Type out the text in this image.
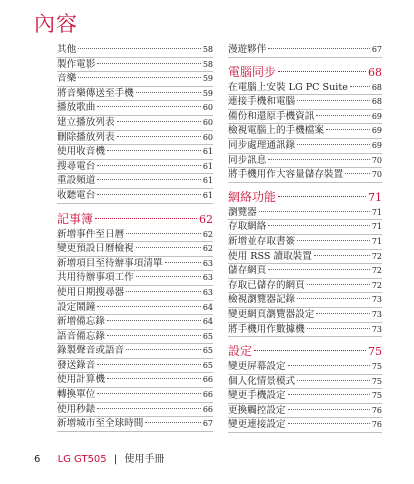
內容
其他	58
製作電影	58
音樂	59
將音樂傳送至手機	59
播放歌曲	60
建立播放列表	60
刪除播放列表	60
使用收音機	61
搜尋電台	61
重設頻道	61
收聽電台	61
記事簿	62
新增事件至日曆	62
變更預設日曆檢視	62
新增項目至待辦事項清單	63
共用待辦事項工作	63
使用日期搜尋器	63
設定鬧鐘	64
新增備忘錄	64
語音備忘錄	65
錄製聲音或語音	65
發送錄音	65
使用計算機	66
轉換單位	66
使用秒錶	66
新增城市至全球時間	67
漫遊夥伴	67
電腦同步	68
在電腦上安裝 LG PC Suite	68
連接手機和電腦	68
備份和還原手機資訊	69
檢視電腦上的手機檔案	69
同步處理通訊錄	69
同步訊息	70
將手機用作大容量儲存裝置	70
網絡功能	71
瀏覽器	71
存取網絡	71
新增並存取書簽	71
使用 RSS 讀取裝置	72
儲存網頁	72
存取已儲存的網頁	72
檢視瀏覽器記錄	73
變更網頁瀏覽器設定	73
將手機用作數據機	73
設定	75
變更屏幕設定	75
個人化情景模式	75
變更手機設定	75
更換觸控設定	76
變更連接設定	76
6 LG GT505 | 使用手冊
